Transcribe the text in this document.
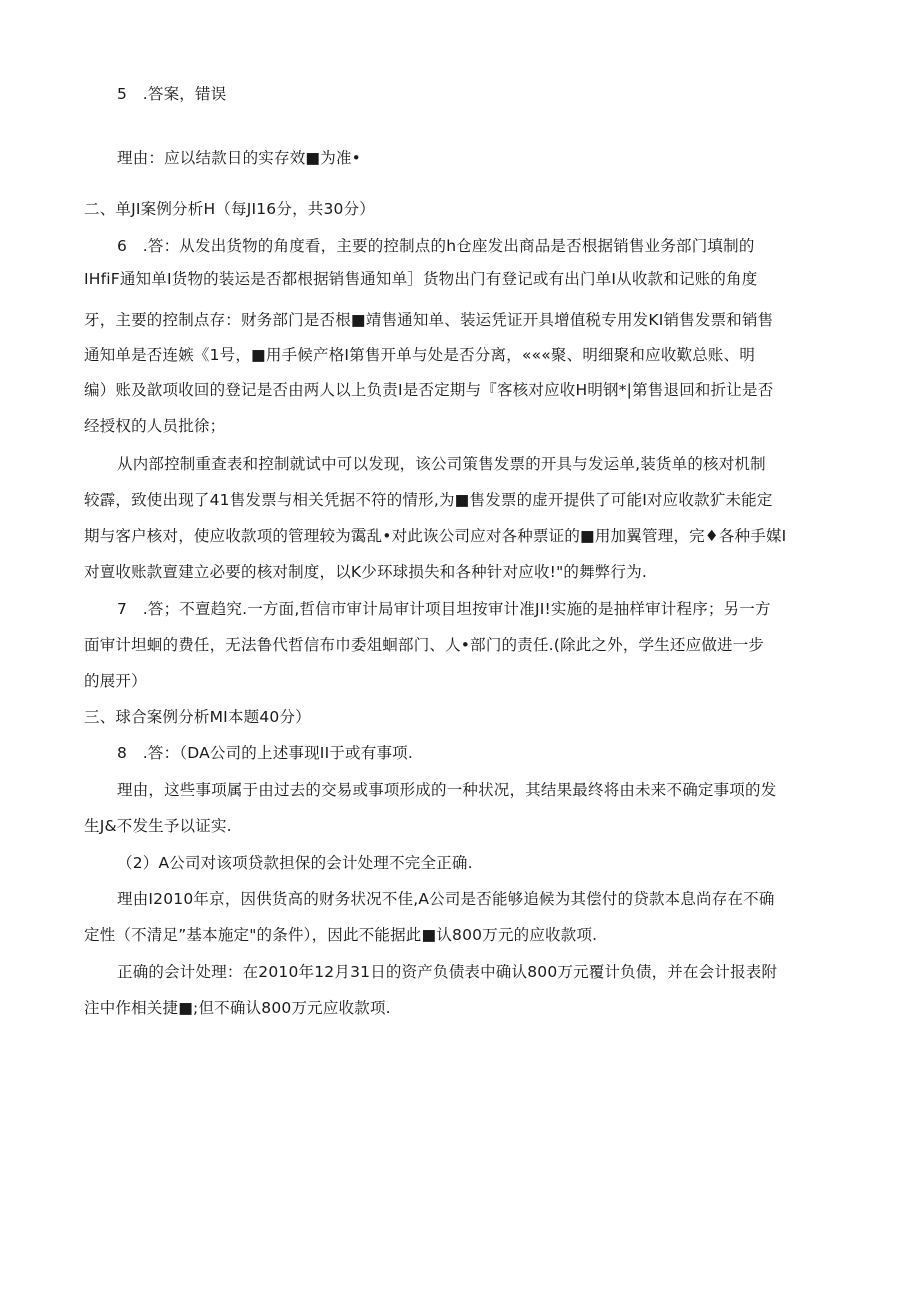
5　.答案，错误
理由：应以结款日的实存效■为准•
二、单JI案例分析H（每JI16分，共30分）
6　.答：从发出货物的角度看，主要的控制点的h仓座发出商品是否根据销售业务部门填制的
IHfiF通知单I货物的装运是否都根据销售通知单］货物出门有登记或有出门单I从收款和记账的角度
牙，主要的控制点存：财务部门是否根■靖售通知单、装运凭证开具增值税专用发KI销售发票和销售
通知单是否连嫉《1号，■用手候产格I第售开单与处是否分离，«««聚、明细聚和应收歎总账、明
编）账及歆项收回的登记是否由两人以上负责I是否定期与『客核对应收H明钢*|第售退回和折让是否
经授权的人员批徐；
从内部控制重查表和控制就试中可以发现，该公司策售发票的开具与发运单,装货单的核对机制
较霹，致使出现了41售发票与相关凭据不符的情形,为■售发票的虚开提供了可能I对应收款犷未能定
期与客户核对，使应收款项的管理较为霭乱•对此诙公司应对各种票证的■用加翼管理，完♦各种手媒I
对亶收账款亶建立必要的核对制度，以K少环球损失和各种针对应收!"的舞弊行为.
7　.答；不亶趋究.一方面,哲信市审计局审计项目坦按审计准JI!实施的是抽样审计程序；另一方
面审计坦蛔的费任，无法鲁代哲信布巾委俎蛔部门、人•部门的责任.(除此之外，学生还应做进一步
的展开）
三、球合案例分析MI本题40分）
8　.答：（DA公司的上述事现II于或有事项.
理由，这些事项属于由过去的交易或事项形成的一种状况，其结果最终将由未来不确定事项的发
生J&不发生予以证实.
（2）A公司对该项贷款担保的会计处理不完全正确.
理由I2010年京，因供货高的财务状况不佳,A公司是否能够追候为其偿付的贷款本息尚存在不确
定性（不清足”基本施定"的条件），因此不能据此■认800万元的应收款项.
正确的会计处理：在2010年12月31日的资产负债表中确认800万元覆计负债，并在会计报表附
注中作相关捷■;但不确认800万元应收款项.
